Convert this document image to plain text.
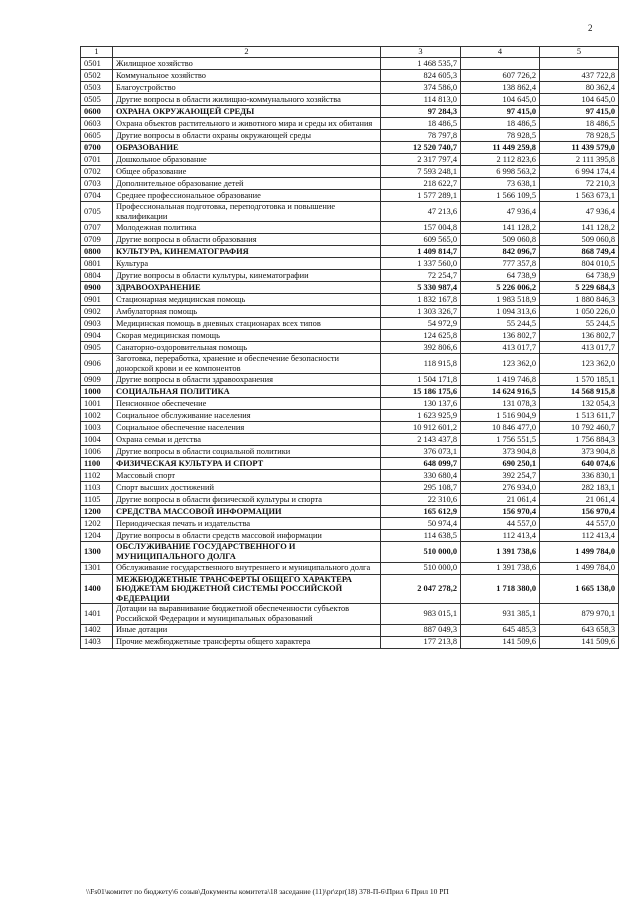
2
1	2	3	4	5
0501	Жилищное хозяйство	1 468 535,7		
0502	Коммунальное хозяйство	824 605,3	607 726,2	437 722,8
0503	Благоустройство	374 586,0	138 862,4	80 362,4
0505	Другие вопросы в области жилищно-коммунального хозяйства	114 813,0	104 645,0	104 645,0
0600	ОХРАНА ОКРУЖАЮЩЕЙ СРЕДЫ	97 284,3	97 415,0	97 415,0
0603	Охрана объектов растительного и животного мира и среды их обитания	18 486,5	18 486,5	18 486,5
0605	Другие вопросы в области охраны окружающей среды	78 797,8	78 928,5	78 928,5
0700	ОБРАЗОВАНИЕ	12 520 740,7	11 449 259,8	11 439 579,0
0701	Дошкольное образование	2 317 797,4	2 112 823,6	2 111 395,8
0702	Общее образование	7 593 248,1	6 998 563,2	6 994 174,4
0703	Дополнительное образование детей	218 622,7	73 638,1	72 210,3
0704	Среднее профессиональное образование	1 577 289,1	1 566 109,5	1 563 673,1
0705	Профессиональная подготовка, переподготовка и повышение квалификации	47 213,6	47 936,4	47 936,4
0707	Молодежная политика	157 004,8	141 128,2	141 128,2
0709	Другие вопросы в области образования	609 565,0	509 060,8	509 060,8
0800	КУЛЬТУРА, КИНЕМАТОГРАФИЯ	1 409 814,7	842 096,7	868 749,4
0801	Культура	1 337 560,0	777 357,8	804 010,5
0804	Другие вопросы в области культуры, кинематографии	72 254,7	64 738,9	64 738,9
0900	ЗДРАВООХРАНЕНИЕ	5 330 987,4	5 226 006,2	5 229 684,3
0901	Стационарная медицинская помощь	1 832 167,8	1 983 518,9	1 880 846,3
0902	Амбулаторная помощь	1 303 326,7	1 094 313,6	1 050 226,0
0903	Медицинская помощь в дневных стационарах всех типов	54 972,9	55 244,5	55 244,5
0904	Скорая медицинская помощь	124 625,8	136 802,7	136 802,7
0905	Санаторно-оздоровительная помощь	392 806,6	413 017,7	413 017,7
0906	Заготовка, переработка, хранение и обеспечение безопасности донорской крови и ее компонентов	118 915,8	123 362,0	123 362,0
0909	Другие вопросы в области здравоохранения	1 504 171,8	1 419 746,8	1 570 185,1
1000	СОЦИАЛЬНАЯ ПОЛИТИКА	15 186 175,6	14 624 916,5	14 568 915,8
1001	Пенсионное обеспечение	130 137,6	131 078,3	132 054,3
1002	Социальное обслуживание населения	1 623 925,9	1 516 904,9	1 513 611,7
1003	Социальное обеспечение населения	10 912 601,2	10 846 477,0	10 792 460,7
1004	Охрана семьи и детства	2 143 437,8	1 756 551,5	1 756 884,3
1006	Другие вопросы в области социальной политики	376 073,1	373 904,8	373 904,8
1100	ФИЗИЧЕСКАЯ КУЛЬТУРА И СПОРТ	648 099,7	690 250,1	640 074,6
1102	Массовый спорт	330 680,4	392 254,7	336 830,1
1103	Спорт высших достижений	295 108,7	276 934,0	282 183,1
1105	Другие вопросы в области физической культуры и спорта	22 310,6	21 061,4	21 061,4
1200	СРЕДСТВА МАССОВОЙ ИНФОРМАЦИИ	165 612,9	156 970,4	156 970,4
1202	Периодическая печать и издательства	50 974,4	44 557,0	44 557,0
1204	Другие вопросы в области средств массовой информации	114 638,5	112 413,4	112 413,4
1300	ОБСЛУЖИВАНИЕ ГОСУДАРСТВЕННОГО И МУНИЦИПАЛЬНОГО ДОЛГА	510 000,0	1 391 738,6	1 499 784,0
1301	Обслуживание государственного внутреннего и муниципального долга	510 000,0	1 391 738,6	1 499 784,0
1400	МЕЖБЮДЖЕТНЫЕ ТРАНСФЕРТЫ ОБЩЕГО ХАРАКТЕРА БЮДЖЕТАМ БЮДЖЕТНОЙ СИСТЕМЫ РОССИЙСКОЙ ФЕДЕРАЦИИ	2 047 278,2	1 718 380,0	1 665 138,0
1401	Дотации на выравнивание бюджетной обеспеченности субъектов Российской Федерации и муниципальных образований	983 015,1	931 385,1	879 970,1
1402	Иные дотации	887 049,3	645 485,3	643 658,3
1403	Прочие межбюджетные трансферты общего характера	177 213,8	141 509,6	141 509,6
\\Fs01\комитет по бюджету\6 созыв\Документы комитета\18 заседание (11)\pr\zpr(18) 378-П-6\Прил 6 Прил 10 РП
